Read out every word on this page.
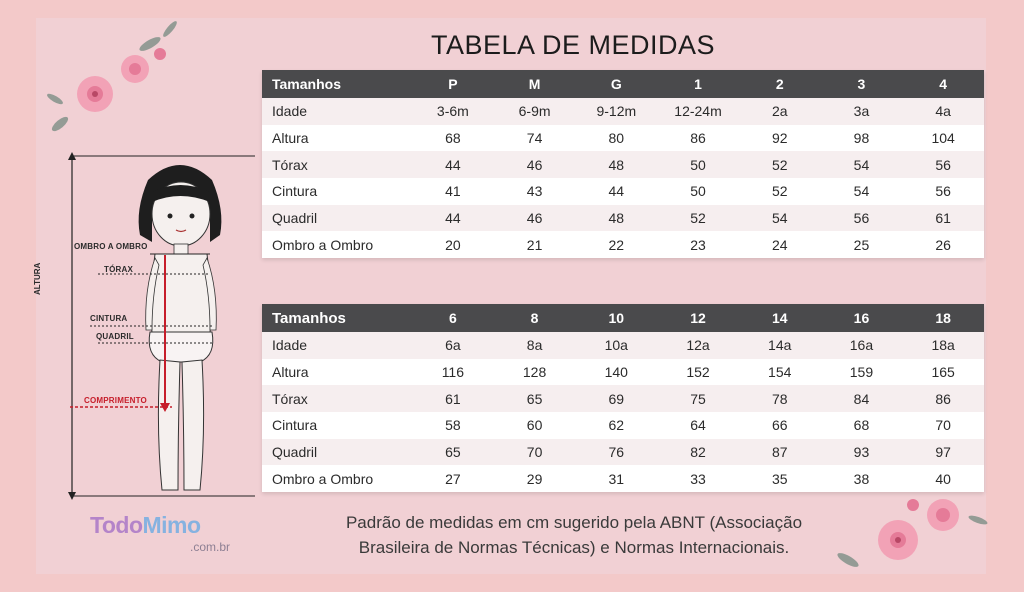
TABELA DE MEDIDAS
Tamanhos	P	M	G	1	2	3	4
Idade	3-6m	6-9m	9-12m	12-24m	2a	3a	4a
Altura	68	74	80	86	92	98	104
Tórax	44	46	48	50	52	54	56
Cintura	41	43	44	50	52	54	56
Quadril	44	46	48	52	54	56	61
Ombro a Ombro	20	21	22	23	24	25	26
Tamanhos	6	8	10	12	14	16	18
Idade	6a	8a	10a	12a	14a	16a	18a
Altura	116	128	140	152	154	159	165
Tórax	61	65	69	75	78	84	86
Cintura	58	60	62	64	66	68	70
Quadril	65	70	76	82	87	93	97
Ombro a Ombro	27	29	31	33	35	38	40
OMBRO A OMBRO
TÓRAX
CINTURA
QUADRIL
COMPRIMENTO
ALTURA
TodoMimo
.com.br
Padrão de medidas em cm sugerido pela ABNT (Associação
Brasileira de Normas Técnicas) e Normas Internacionais.
